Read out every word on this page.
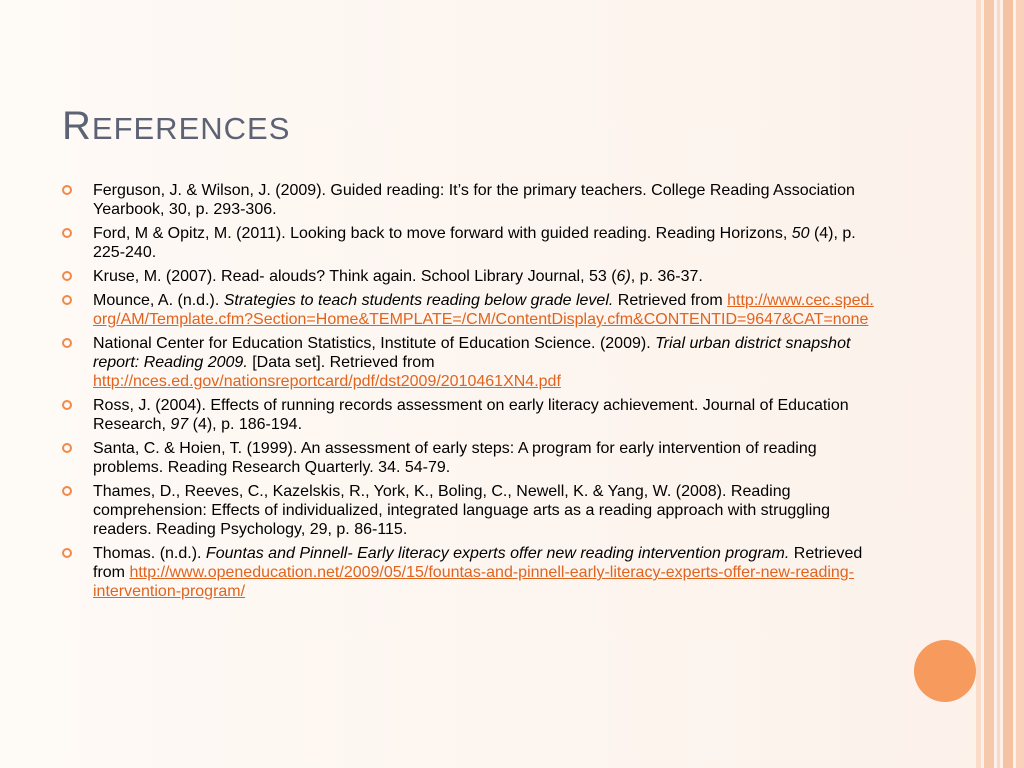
REFERENCES
Ferguson, J. & Wilson, J. (2009). Guided reading: It’s for the primary teachers. College Reading Association Yearbook, 30, p. 293-306.
Ford, M & Opitz, M. (2011). Looking back to move forward with guided reading. Reading Horizons, 50 (4), p. 225-240.
Kruse, M. (2007). Read- alouds? Think again. School Library Journal, 53 (6), p. 36-37.
Mounce, A. (n.d.). Strategies to teach students reading below grade level. Retrieved from http://www.cec.sped.org/AM/Template.cfm?Section=Home&TEMPLATE=/CM/ContentDisplay.cfm&CONTENTID=9647&CAT=none
National Center for Education Statistics, Institute of Education Science. (2009). Trial urban district snapshot report: Reading 2009. [Data set]. Retrieved from http://nces.ed.gov/nationsreportcard/pdf/dst2009/2010461XN4.pdf
Ross, J. (2004). Effects of running records assessment on early literacy achievement. Journal of Education Research, 97 (4), p. 186-194.
Santa, C. & Hoien, T. (1999). An assessment of early steps: A program for early intervention of reading problems. Reading Research Quarterly. 34. 54-79.
Thames, D., Reeves, C., Kazelskis, R., York, K., Boling, C., Newell, K. & Yang, W. (2008). Reading comprehension: Effects of individualized, integrated language arts as a reading approach with struggling readers. Reading Psychology, 29, p. 86-115.
Thomas. (n.d.). Fountas and Pinnell- Early literacy experts offer new reading intervention program. Retrieved from http://www.openeducation.net/2009/05/15/fountas-and-pinnell-early-literacy-experts-offer-new-reading-intervention-program/
